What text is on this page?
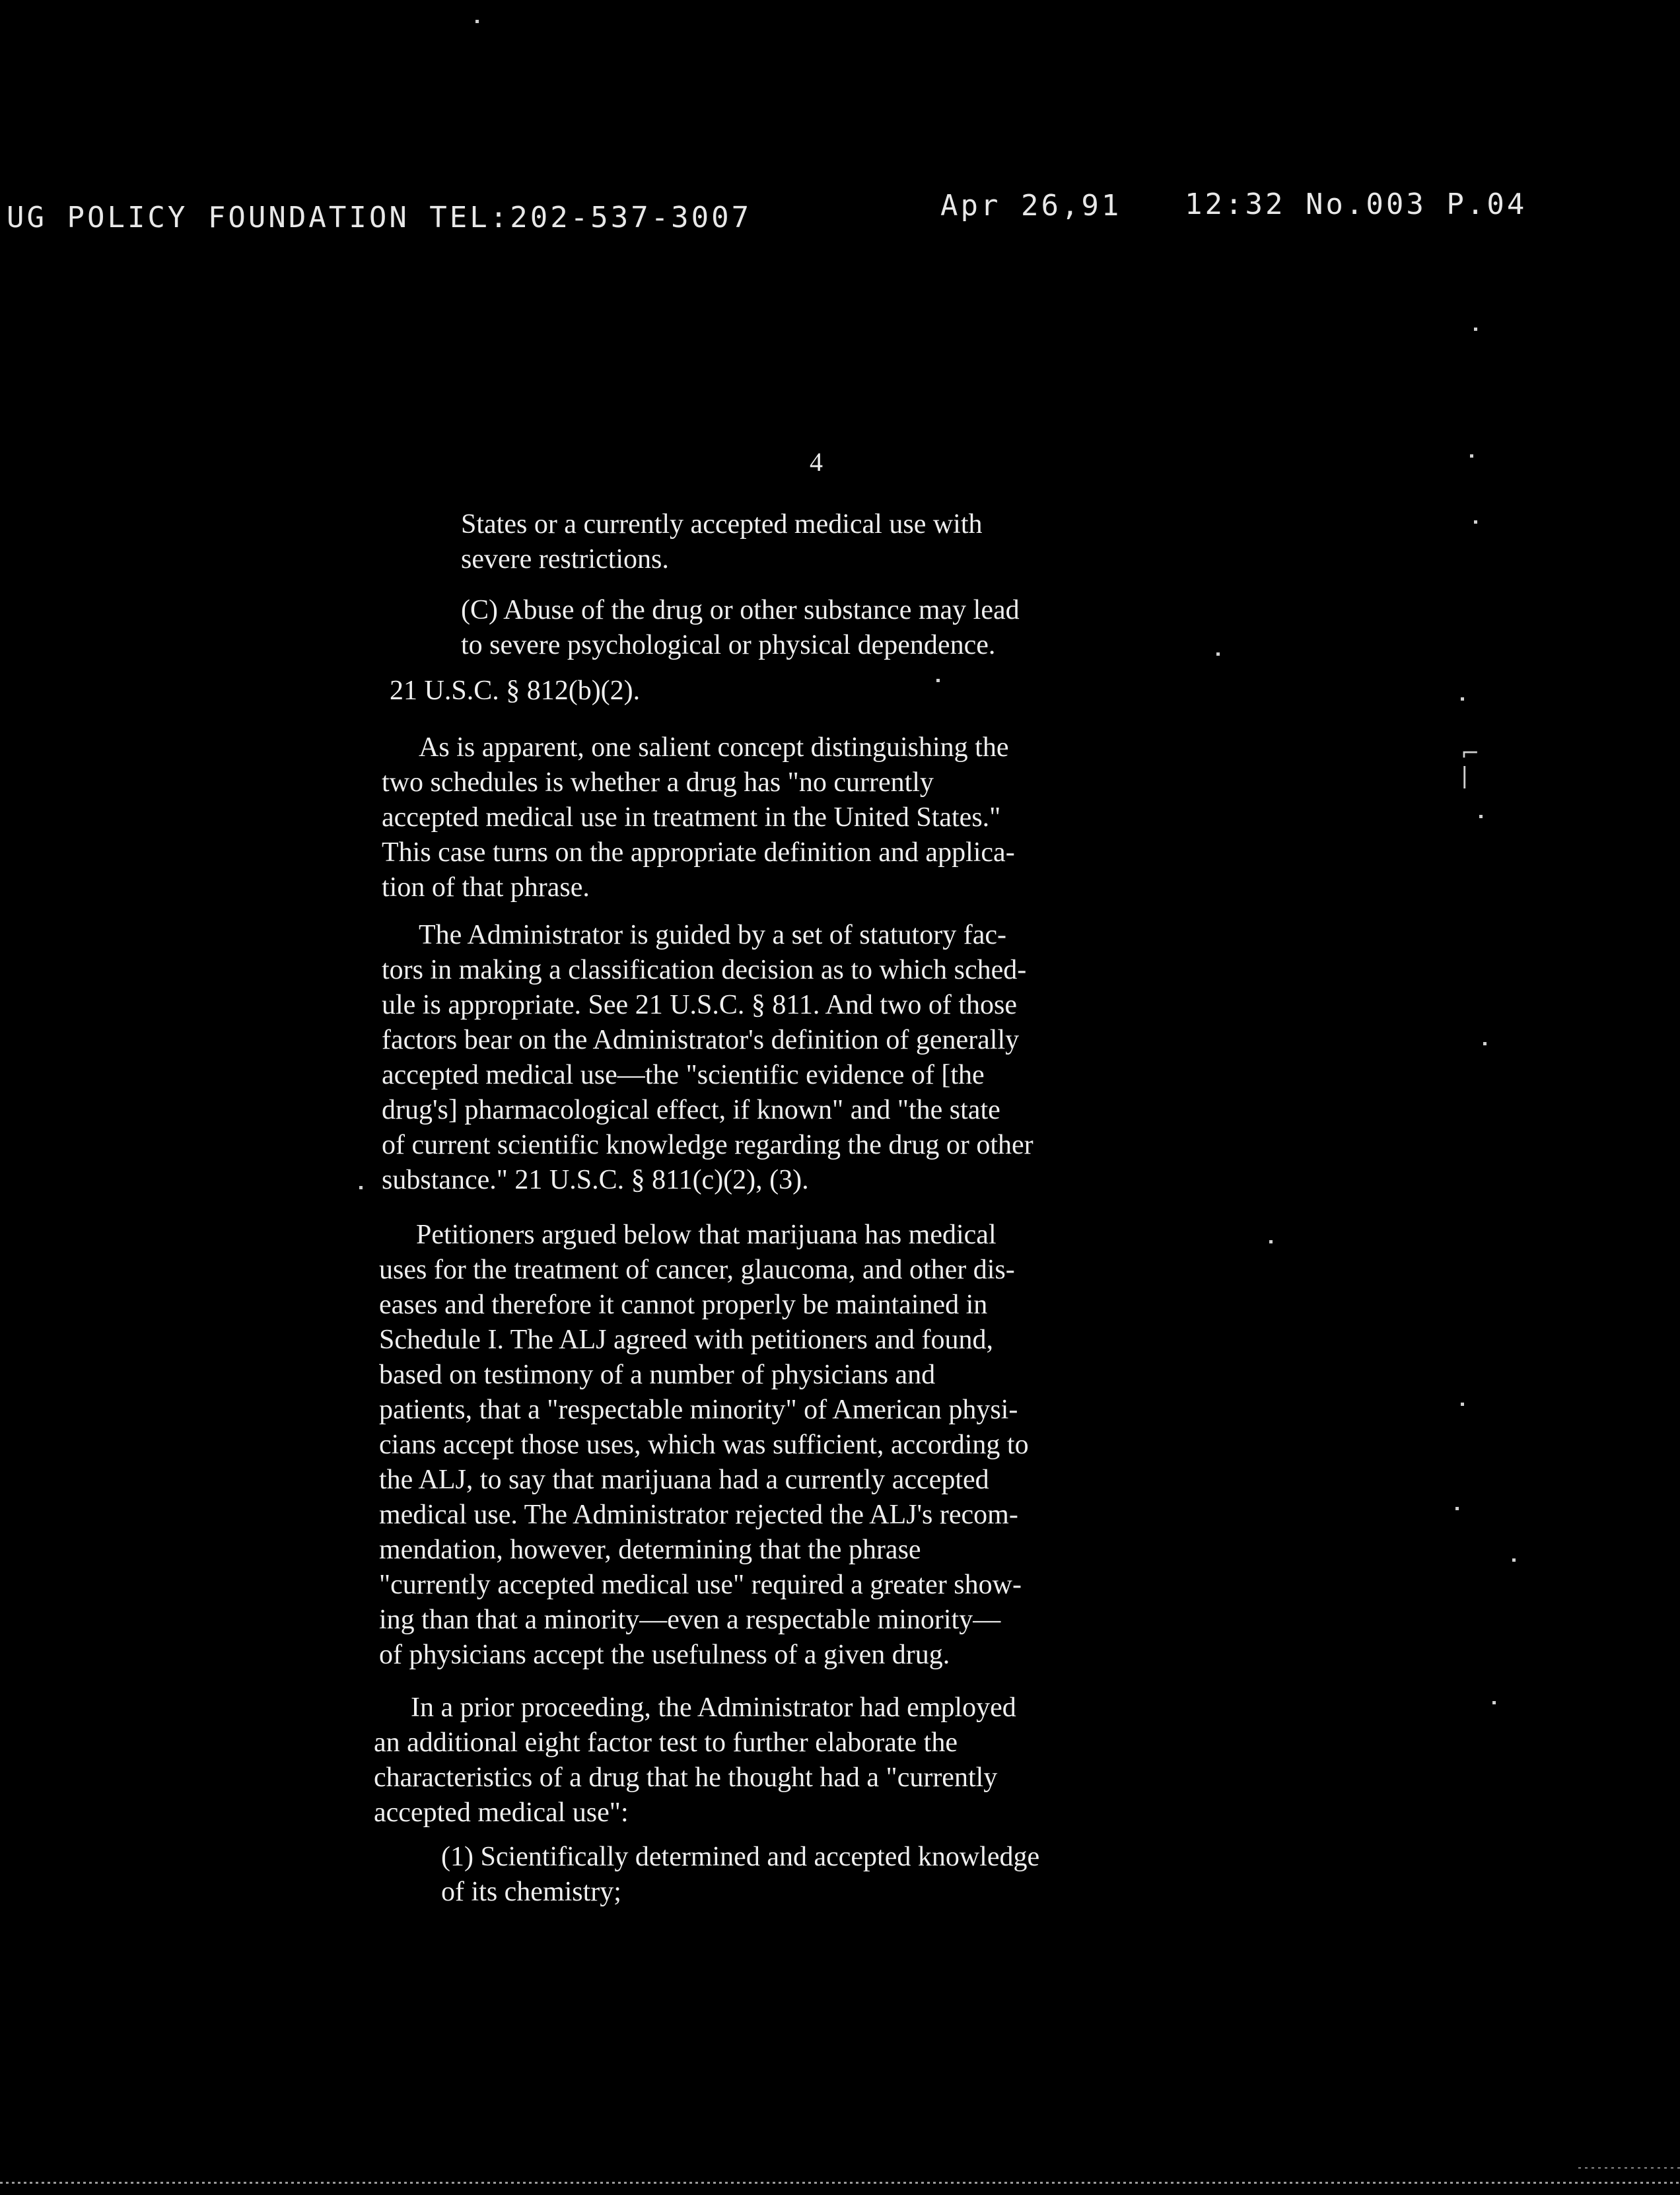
UG POLICY FOUNDATION TEL:202-537-3007	Apr 26,91 12:32 No.003 P.04
4
States or a currently accepted medical use with
severe restrictions.
(C) Abuse of the drug or other substance may lead
to severe psychological or physical dependence.
21 U.S.C. § 812(b)(2).
As is apparent, one salient concept distinguishing the
two schedules is whether a drug has "no currently
accepted medical use in treatment in the United States."
This case turns on the appropriate definition and applica-
tion of that phrase.
The Administrator is guided by a set of statutory fac-
tors in making a classification decision as to which sched-
ule is appropriate. See 21 U.S.C. § 811. And two of those
factors bear on the Administrator's definition of generally
accepted medical use—the "scientific evidence of [the
drug's] pharmacological effect, if known" and "the state
of current scientific knowledge regarding the drug or other
substance." 21 U.S.C. § 811(c)(2), (3).
Petitioners argued below that marijuana has medical
uses for the treatment of cancer, glaucoma, and other dis-
eases and therefore it cannot properly be maintained in
Schedule I. The ALJ agreed with petitioners and found,
based on testimony of a number of physicians and
patients, that a "respectable minority" of American physi-
cians accept those uses, which was sufficient, according to
the ALJ, to say that marijuana had a currently accepted
medical use. The Administrator rejected the ALJ's recom-
mendation, however, determining that the phrase
"currently accepted medical use" required a greater show-
ing than that a minority—even a respectable minority—
of physicians accept the usefulness of a given drug.
In a prior proceeding, the Administrator had employed
an additional eight factor test to further elaborate the
characteristics of a drug that he thought had a "currently
accepted medical use":
(1) Scientifically determined and accepted knowledge
of its chemistry;
⌐
|
